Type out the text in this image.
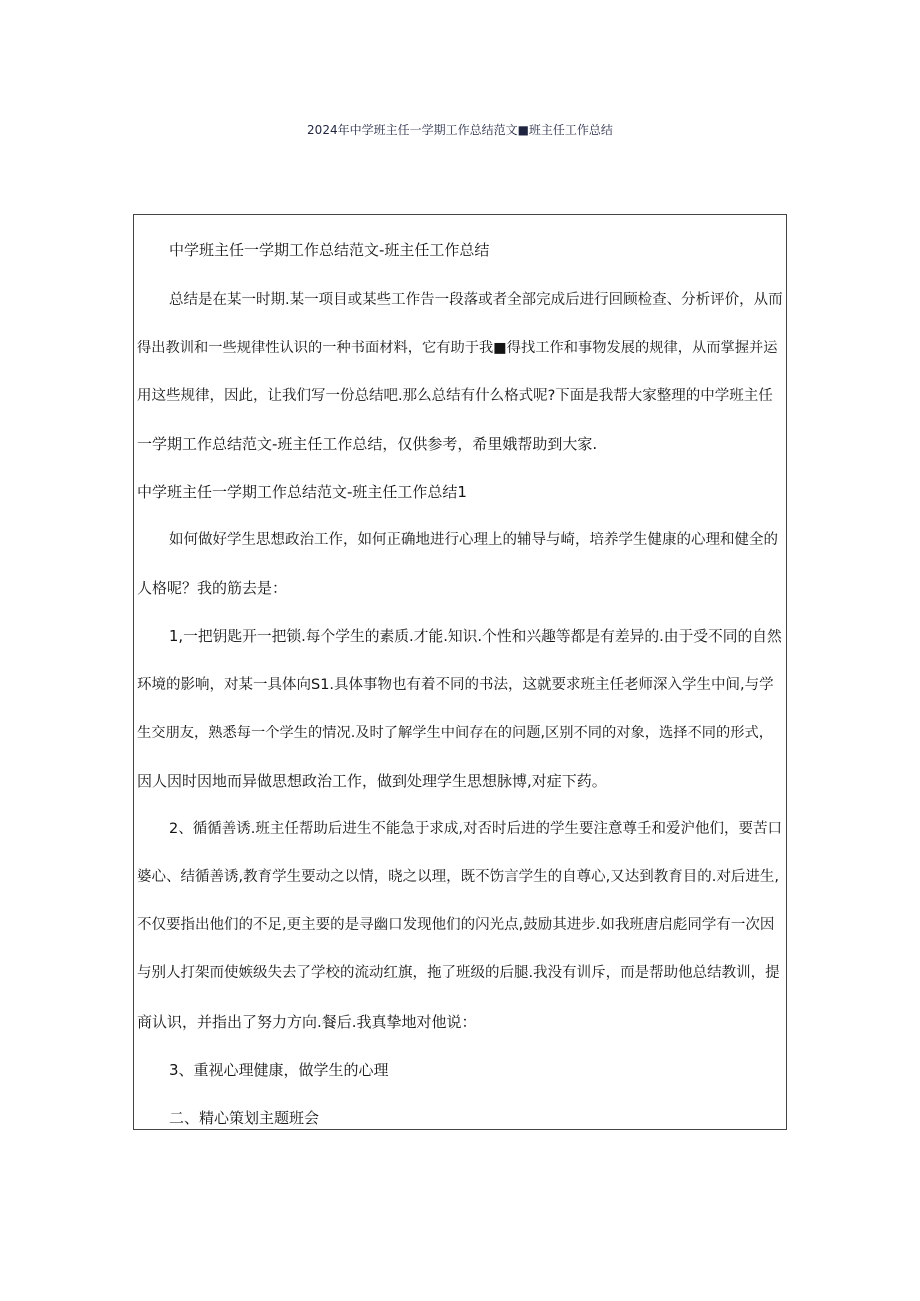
2024年中学班主任一学期工作总结范文■班主任工作总结

中学班主任一学期工作总结范文-班主任工作总结

总结是在某一时期.某一项目或某些工作告一段落或者全部完成后进行回顾检查、分析评价，从而

得出教训和一些规律性认识的一种书面材料，它有助于我■得找工作和事物发展的规律，从而掌握并运

用这些规律，因此，让我们写一份总结吧.那么总结有什么格式呢?下面是我帮大家整理的中学班主任

一学期工作总结范文-班主任工作总结，仅供参考，希里娥帮助到大家.

中学班主任一学期工作总结范文-班主任工作总结1

如何做好学生思想政治工作，如何正确地进行心理上的辅导与崎，培养学生健康的心理和健全的

人格呢？我的筋去是：

1,一把钥匙开一把锁.每个学生的素质.才能.知识.个性和兴趣等都是有差异的.由于受不同的自然

环境的影响，对某一具体向S1.具体事物也有着不同的书法，这就要求班主任老师深入学生中间,与学

生交朋友，熟悉每一个学生的情况.及时了解学生中间存在的问题,区别不同的对象，选择不同的形式，

因人因时因地而异做思想政治工作，做到处理学生思想脉博,对症下药。

2、循循善诱.班主任帮助后进生不能急于求成,对否时后进的学生要注意尊壬和爱沪他们，要苦口

婆心、结循善诱,教育学生要动之以情，晓之以理，既不饬言学生的自尊心,又达到教育目的.对后进生,

不仅要指出他们的不足,更主要的是寻幽口发现他们的闪光点,鼓励其进步.如我班唐启彪同学有一次因

与别人打架而使嫉级失去了学校的流动红旗，拖了班级的后腿.我没有训斥，而是帮助他总结教训，提

商认识，并指出了努力方向.餐后.我真挚地对他说：

3、重视心理健康，做学生的心理

二、精心策划主题班会
